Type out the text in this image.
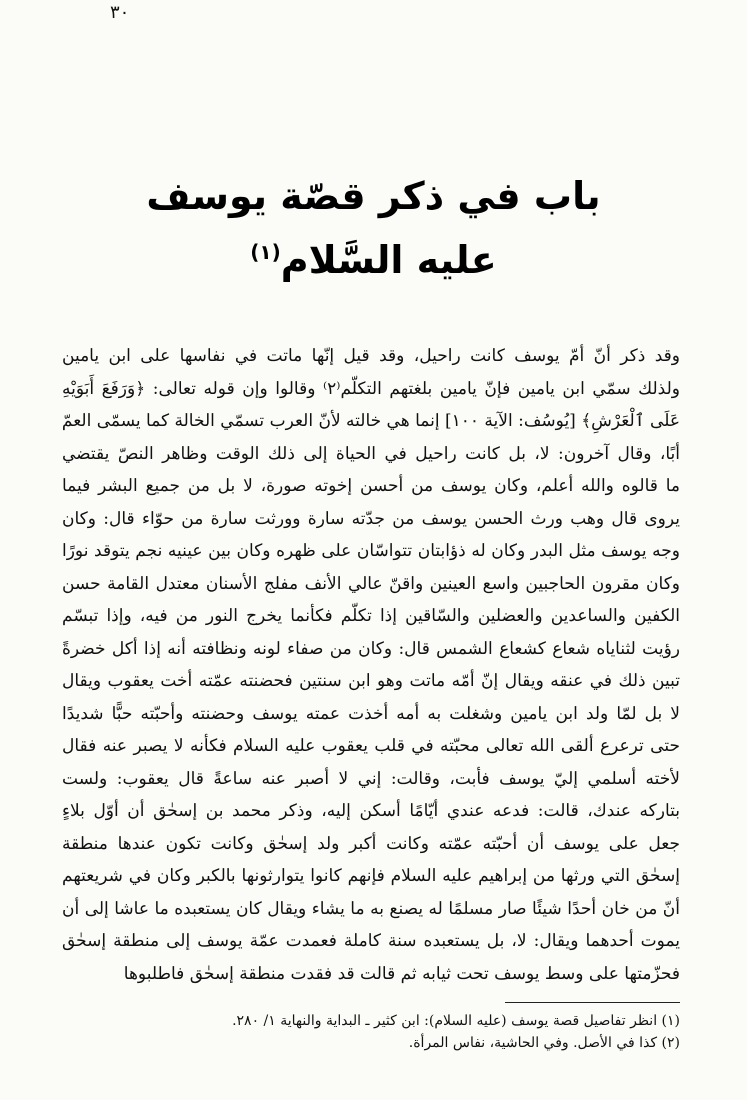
٣٠
باب في ذكر قصّة يوسف
عليه السَّلام$^{(١)}$
وقد ذكر أنّ أمّ يوسف كانت راحيل، وقد قيل إنّها ماتت في نفاسها على ابن يامين
ولذلك سمّي ابن يامين فإنّ يامين بلغتهم التكلّم⁽٢⁾ وقالوا وإن قوله تعالى: ﴿وَرَفَعَ أَبَوَيْهِ
عَلَى ٱلْعَرْشِ﴾ [يُوسُف: الآية ١٠٠] إنما هي خالته لأنّ العرب تسمّي الخالة كما يسمّى العمّ
أبًا، وقال آخرون: لا، بل كانت راحيل في الحياة إلى ذلك الوقت وظاهر النصّ يقتضي
ما قالوه والله أعلم، وكان يوسف من أحسن إخوته صورة، لا بل من جميع البشر فيما
يروى قال وهب ورث الحسن يوسف من جدّته سارة وورثت سارة من حوّاء قال: وكان
وجه يوسف مثل البدر وكان له ذؤابتان تتواسّان على ظهره وكان بين عينيه نجم يتوقد نورًا
وكان مقرون الحاجبين واسع العينين واقنّ عالي الأنف مفلج الأسنان معتدل القامة حسن
الكفين والساعدين والعضلين والسّاقين إذا تكلّم فكأنما يخرج النور من فيه، وإذا تبسّم
رؤيت لثناياه شعاع كشعاع الشمس قال: وكان من صفاء لونه ونظافته أنه إذا أكل خضرةً
تبين ذلك في عنقه ويقال إنّ أمّه ماتت وهو ابن سنتين فحضنته عمّته أخت يعقوب ويقال
لا بل لمّا ولد ابن يامين وشغلت به أمه أخذت عمته يوسف وحضنته وأحبّته حبًّا شديدًا
حتى ترعرع ألقى الله تعالى محبّته في قلب يعقوب عليه السلام فكأنه لا يصبر عنه فقال
لأخته أسلمي إليّ يوسف فأبت، وقالت: إني لا أصبر عنه ساعةً قال يعقوب: ولست
بتاركه عندك، قالت: فدعه عندي أيّامًا أسكن إليه، وذكر محمد بن إسحٰق أن أوّل بلاءٍ
جعل على يوسف أن أحبّته عمّته وكانت أكبر ولد إسحٰق وكانت تكون عندها منطقة
إسحٰق التي ورثها من إبراهيم عليه السلام فإنهم كانوا يتوارثونها بالكبر وكان في شريعتهم
أنّ من خان أحدًا شيئًا صار مسلمًا له يصنع به ما يشاء ويقال كان يستعبده ما عاشا إلى أن
يموت أحدهما ويقال: لا، بل يستعبده سنة كاملة فعمدت عمّة يوسف إلى منطقة إسحٰق
فحزّمتها على وسط يوسف تحت ثيابه ثم قالت قد فقدت منطقة إسحٰق فاطلبوها
(١) انظر تفاصيل قصة يوسف (عليه السلام): ابن كثير ـ البداية والنهاية ١/ ٢٨٠.
(٢) كذا في الأصل. وفي الحاشية، نفاس المرأة.
